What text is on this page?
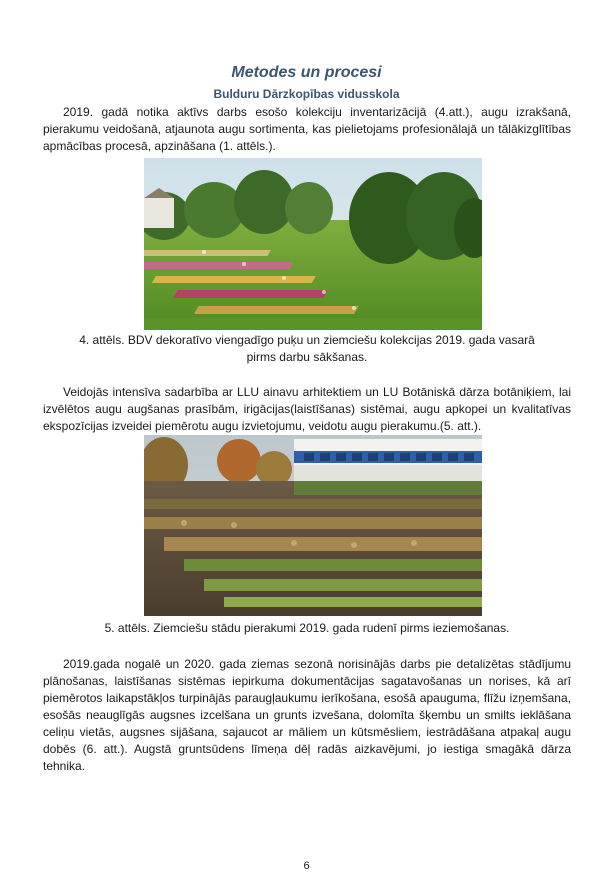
Metodes un procesi
Bulduru Dārzkopības vidusskola

2019. gadā notika aktīvs darbs esošo kolekciju inventarizācijā (4.att.), augu izrakšanā, pierakumu veidošanā, atjaunota augu sortimenta, kas pielietojams profesionālajā un tālākizglītības apmācības procesā, apzināšana (1. attēls.).

4. attēls. BDV dekoratīvo viengadīgo puķu un ziemciešu kolekcijas 2019. gada vasarā

pirms darbu sākšanas.

Veidojās intensīva sadarbība ar LLU ainavu arhitektiem un LU Botāniskā dārza botāniķiem, lai izvēlētos augu augšanas prasībām, irigācijas(laistīšanas) sistēmai, augu apkopei un kvalitatīvas ekspozīcijas izveidei piemērotu augu izvietojumu, veidotu augu pierakumu.(5. att.).

5. attēls. Ziemciešu stādu pierakumi 2019. gada rudenī pirms ieziemošanas.

2019.gada nogalē un 2020. gada ziemas sezonā norisinājās darbs pie detalizētas stādījumu plānošanas, laistīšanas sistēmas iepirkuma dokumentācijas sagatavošanas un norises, kā arī piemērotos laikapstākļos turpinājās paraugļaukumu ierīkošana, esošā apauguma, flīžu izņemšana, esošās neauglīgās augsnes izcelšana un grunts izvešana, dolomīta šķembu un smilts ieklāšana celiņu vietās, augsnes sijāšana, sajaucot ar māliem un kūtsmēsliem, iestrādāšana atpakaļ augu dobēs (6. att.). Augstā gruntsūdens līmeņa dēļ radās aizkavējumi, jo iestiga smagākā dārza tehnika.

6
